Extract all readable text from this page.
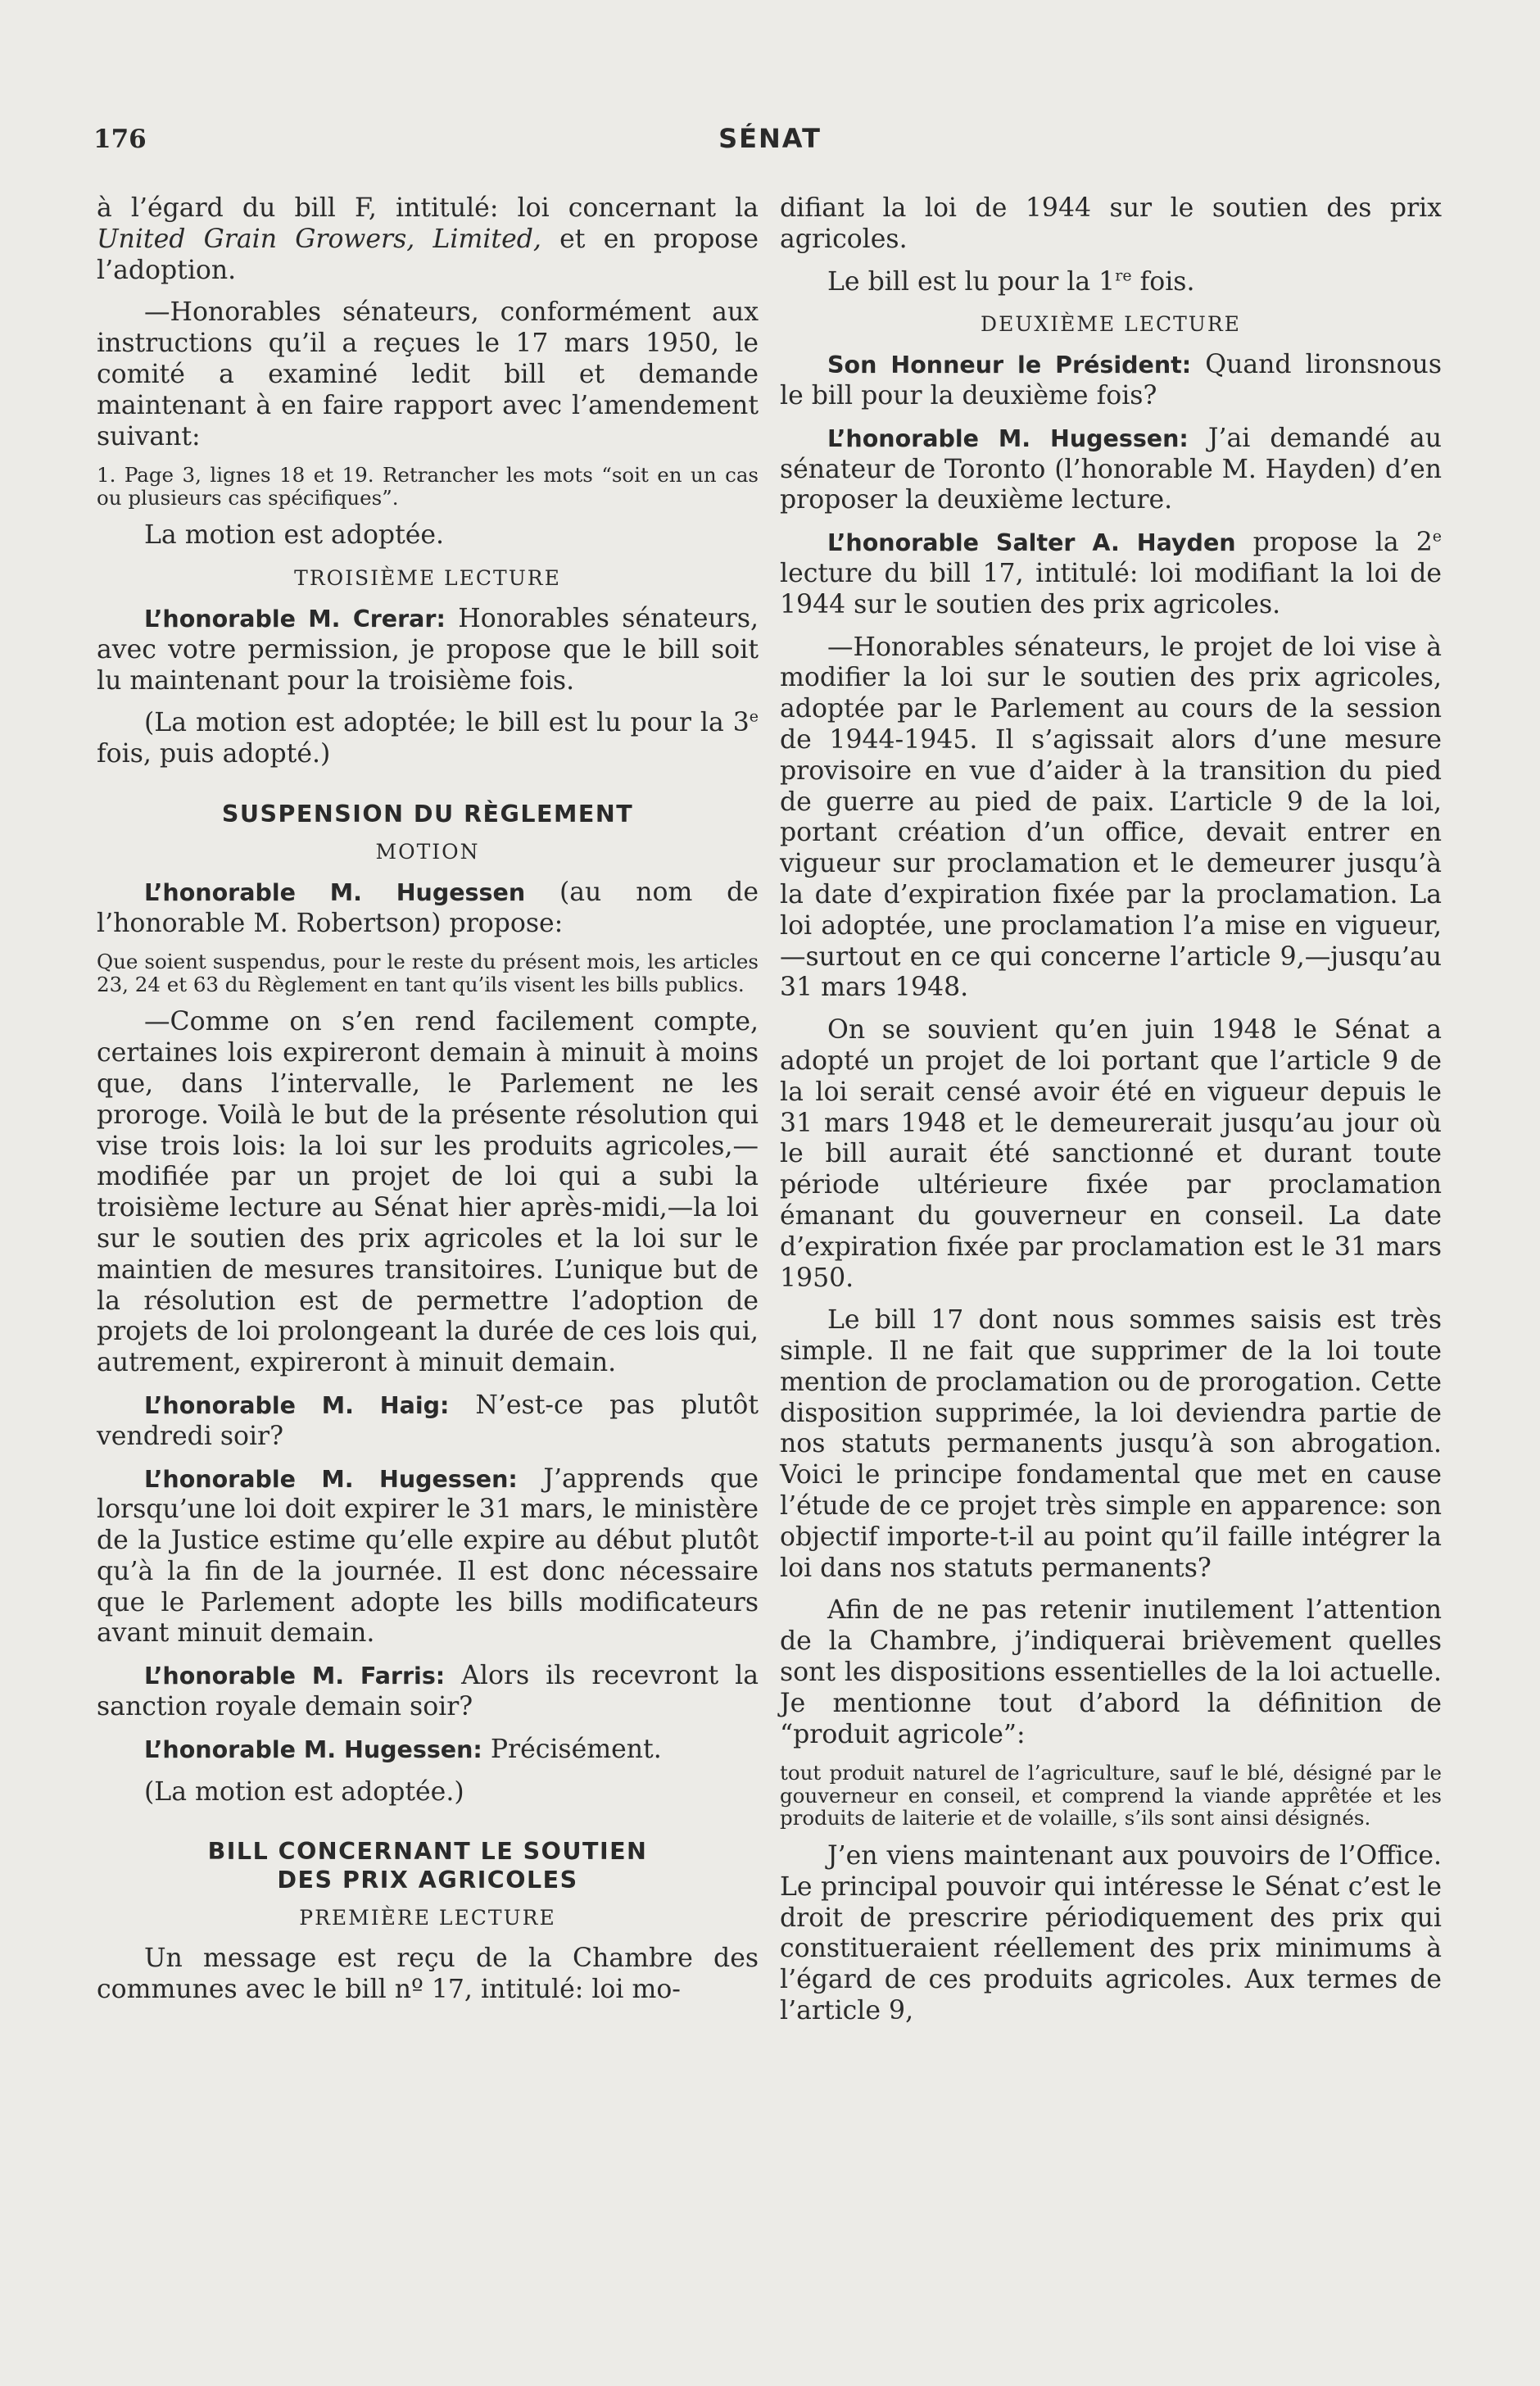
176	SÉNAT

à l’égard du bill F, intitulé: loi concernant la United Grain Growers, Limited, et en propose l’adoption.

—Honorables sénateurs, conformément aux instructions qu’il a reçues le 17 mars 1950, le comité a examiné ledit bill et demande maintenant à en faire rapport avec l’amendement suivant:

1. Page 3, lignes 18 et 19. Retrancher les mots “soit en un cas ou plusieurs cas spécifiques”.

La motion est adoptée.

TROISIÈME LECTURE

L’honorable M. Crerar: Honorables sénateurs, avec votre permission, je propose que le bill soit lu maintenant pour la troisième fois.

(La motion est adoptée; le bill est lu pour la 3e fois, puis adopté.)

SUSPENSION DU RÈGLEMENT
MOTION

L’honorable M. Hugessen (au nom de l’honorable M. Robertson) propose:

Que soient suspendus, pour le reste du présent mois, les articles 23, 24 et 63 du Règlement en tant qu’ils visent les bills publics.

—Comme on s’en rend facilement compte, certaines lois expireront demain à minuit à moins que, dans l’intervalle, le Parlement ne les proroge. Voilà le but de la présente résolution qui vise trois lois: la loi sur les produits agricoles,—modifiée par un projet de loi qui a subi la troisième lecture au Sénat hier après-midi,—la loi sur le soutien des prix agricoles et la loi sur le maintien de mesures transitoires. L’unique but de la résolution est de permettre l’adoption de projets de loi prolongeant la durée de ces lois qui, autrement, expireront à minuit demain.

L’honorable M. Haig: N’est-ce pas plutôt vendredi soir?

L’honorable M. Hugessen: J’apprends que lorsqu’une loi doit expirer le 31 mars, le ministère de la Justice estime qu’elle expire au début plutôt qu’à la fin de la journée. Il est donc nécessaire que le Parlement adopte les bills modificateurs avant minuit demain.

L’honorable M. Farris: Alors ils recevront la sanction royale demain soir?

L’honorable M. Hugessen: Précisément.

(La motion est adoptée.)

BILL CONCERNANT LE SOUTIEN
DES PRIX AGRICOLES
PREMIÈRE LECTURE

Un message est reçu de la Chambre des communes avec le bill nº 17, intitulé: loi mo-

difiant la loi de 1944 sur le soutien des prix agricoles.

Le bill est lu pour la 1re fois.

DEUXIÈME LECTURE

Son Honneur le Président: Quand lironsnous le bill pour la deuxième fois?

L’honorable M. Hugessen: J’ai demandé au sénateur de Toronto (l’honorable M. Hayden) d’en proposer la deuxième lecture.

L’honorable Salter A. Hayden propose la 2e lecture du bill 17, intitulé: loi modifiant la loi de 1944 sur le soutien des prix agricoles.

—Honorables sénateurs, le projet de loi vise à modifier la loi sur le soutien des prix agricoles, adoptée par le Parlement au cours de la session de 1944-1945. Il s’agissait alors d’une mesure provisoire en vue d’aider à la transition du pied de guerre au pied de paix. L’article 9 de la loi, portant création d’un office, devait entrer en vigueur sur proclamation et le demeurer jusqu’à la date d’expiration fixée par la proclamation. La loi adoptée, une proclamation l’a mise en vigueur,—surtout en ce qui concerne l’article 9,—jusqu’au 31 mars 1948.

On se souvient qu’en juin 1948 le Sénat a adopté un projet de loi portant que l’article 9 de la loi serait censé avoir été en vigueur depuis le 31 mars 1948 et le demeurerait jusqu’au jour où le bill aurait été sanctionné et durant toute période ultérieure fixée par proclamation émanant du gouverneur en conseil. La date d’expiration fixée par proclamation est le 31 mars 1950.

Le bill 17 dont nous sommes saisis est très simple. Il ne fait que supprimer de la loi toute mention de proclamation ou de prorogation. Cette disposition supprimée, la loi deviendra partie de nos statuts permanents jusqu’à son abrogation. Voici le principe fondamental que met en cause l’étude de ce projet très simple en apparence: son objectif importe-t-il au point qu’il faille intégrer la loi dans nos statuts permanents?

Afin de ne pas retenir inutilement l’attention de la Chambre, j’indiquerai brièvement quelles sont les dispositions essentielles de la loi actuelle. Je mentionne tout d’abord la définition de “produit agricole”:

tout produit naturel de l’agriculture, sauf le blé, désigné par le gouverneur en conseil, et comprend la viande apprêtée et les produits de laiterie et de volaille, s’ils sont ainsi désignés.

J’en viens maintenant aux pouvoirs de l’Office. Le principal pouvoir qui intéresse le Sénat c’est le droit de prescrire périodiquement des prix qui constitueraient réellement des prix minimums à l’égard de ces produits agricoles. Aux termes de l’article 9,
